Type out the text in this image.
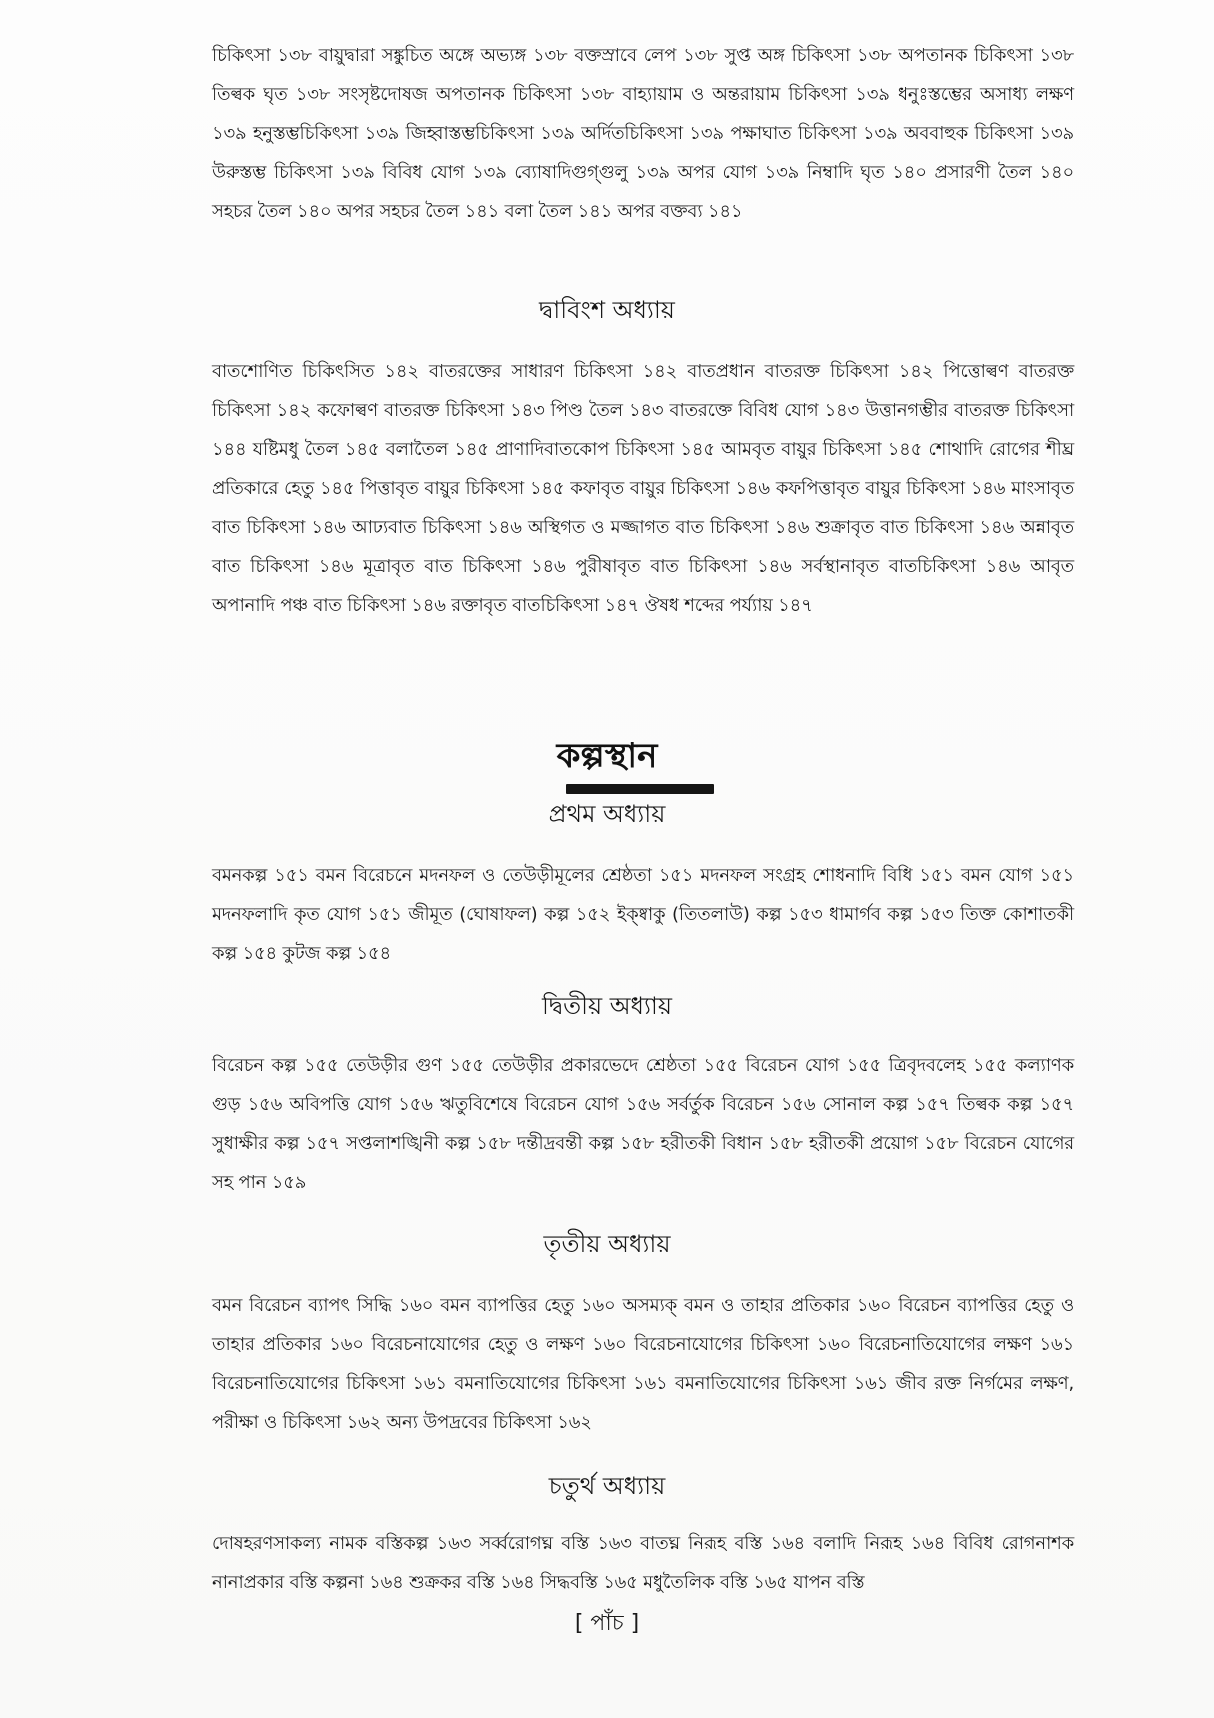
চিকিৎসা ১৩৮ বায়ুদ্বারা সঙ্কুচিত অঙ্গে অভ্যঙ্গ ১৩৮ বক্তস্রাবে লেপ ১৩৮ সুপ্ত অঙ্গ চিকিৎসা ১৩৮ অপতানক চিকিৎসা ১৩৮ তিল্বক ঘৃত ১৩৮ সংসৃষ্টদোষজ অপতানক চিকিৎসা ১৩৮ বাহ্যায়াম ও অন্তরায়াম চিকিৎসা ১৩৯ ধনুঃস্তম্ভের অসাধ্য লক্ষণ ১৩৯ হনুস্তম্ভচিকিৎসা ১৩৯ জিহ্বাস্তম্ভচিকিৎসা ১৩৯ অর্দিতচিকিৎসা ১৩৯ পক্ষাঘাত চিকিৎসা ১৩৯ অববাহুক চিকিৎসা ১৩৯ উরুস্তম্ভ চিকিৎসা ১৩৯ বিবিধ যোগ ১৩৯ ব্যোষাদিগুগ্গুলু ১৩৯ অপর যোগ ১৩৯ নিম্বাদি ঘৃত ১৪০ প্রসারণী তৈল ১৪০ সহচর তৈল ১৪০ অপর সহচর তৈল ১৪১ বলা তৈল ১৪১ অপর বক্তব্য ১৪১

দ্বাবিংশ অধ্যায়

বাতশোণিত চিকিৎসিত ১৪২ বাতরক্তের সাধারণ চিকিৎসা ১৪২ বাতপ্রধান বাতরক্ত চিকিৎসা ১৪২ পিত্তোল্বণ বাতরক্ত চিকিৎসা ১৪২ কফোল্বণ বাতরক্ত চিকিৎসা ১৪৩ পিণ্ড তৈল ১৪৩ বাতরক্তে বিবিধ যোগ ১৪৩ উত্তানগম্ভীর বাতরক্ত চিকিৎসা ১৪৪ যষ্টিমধু তৈল ১৪৫ বলাতৈল ১৪৫ প্রাণাদিবাতকোপ চিকিৎসা ১৪৫ আমবৃত বায়ুর চিকিৎসা ১৪৫ শোথাদি রোগের শীঘ্র প্রতিকারে হেতু ১৪৫ পিত্তাবৃত বায়ুর চিকিৎসা ১৪৫ কফাবৃত বায়ুর চিকিৎসা ১৪৬ কফপিত্তাবৃত বায়ুর চিকিৎসা ১৪৬ মাংসাবৃত বাত চিকিৎসা ১৪৬ আঢ্যবাত চিকিৎসা ১৪৬ অস্থিগত ও মজ্জাগত বাত চিকিৎসা ১৪৬ শুক্রাবৃত বাত চিকিৎসা ১৪৬ অন্নাবৃত বাত চিকিৎসা ১৪৬ মূত্রাবৃত বাত চিকিৎসা ১৪৬ পুরীষাবৃত বাত চিকিৎসা ১৪৬ সর্বস্থানাবৃত বাতচিকিৎসা ১৪৬ আবৃত অপানাদি পঞ্চ বাত চিকিৎসা ১৪৬ রক্তাবৃত বাতচিকিৎসা ১৪৭ ঔষধ শব্দের পর্য্যায় ১৪৭

কল্পস্থান
প্রথম অধ্যায়

বমনকল্প ১৫১ বমন বিরেচনে মদনফল ও তেউড়ীমূলের শ্রেষ্ঠতা ১৫১ মদনফল সংগ্রহ শোধনাদি বিধি ১৫১ বমন যোগ ১৫১ মদনফলাদি কৃত যোগ ১৫১ জীমূত (ঘোষাফল) কল্প ১৫২ ইক্ষ্বাকু (তিতলাউ) কল্প ১৫৩ ধামার্গব কল্প ১৫৩ তিক্ত কোশাতকী কল্প ১৫৪ কুটজ কল্প ১৫৪

দ্বিতীয় অধ্যায়

বিরেচন কল্প ১৫৫ তেউড়ীর গুণ ১৫৫ তেউড়ীর প্রকারভেদে শ্রেষ্ঠতা ১৫৫ বিরেচন যোগ ১৫৫ ত্রিবৃদবলেহ ১৫৫ কল্যাণক গুড় ১৫৬ অবিপত্তি যোগ ১৫৬ ঋতুবিশেষে বিরেচন যোগ ১৫৬ সর্বর্তুক বিরেচন ১৫৬ সোনাল কল্প ১৫৭ তিল্বক কল্প ১৫৭ সুধাক্ষীর কল্প ১৫৭ সপ্তলাশঙ্খিনী কল্প ১৫৮ দন্তীদ্রবন্তী কল্প ১৫৮ হরীতকী বিধান ১৫৮ হরীতকী প্রয়োগ ১৫৮ বিরেচন যোগের সহ পান ১৫৯

তৃতীয় অধ্যায়

বমন বিরেচন ব্যাপৎ সিদ্ধি ১৬০ বমন ব্যাপত্তির হেতু ১৬০ অসম্যক্ বমন ও তাহার প্রতিকার ১৬০ বিরেচন ব্যাপত্তির হেতু ও তাহার প্রতিকার ১৬০ বিরেচনাযোগের হেতু ও লক্ষণ ১৬০ বিরেচনাযোগের চিকিৎসা ১৬০ বিরেচনাতিযোগের লক্ষণ ১৬১ বিরেচনাতিযোগের চিকিৎসা ১৬১ বমনাতিযোগের চিকিৎসা ১৬১ বমনাতিযোগের চিকিৎসা ১৬১ জীব রক্ত নির্গমের লক্ষণ, পরীক্ষা ও চিকিৎসা ১৬২ অন্য উপদ্রবের চিকিৎসা ১৬২

চতুর্থ অধ্যায়

দোষহরণসাকল্য নামক বস্তিকল্প ১৬৩ সর্ব্বরোগঘ্ন বস্তি ১৬৩ বাতঘ্ন নিরূহ বস্তি ১৬৪ বলাদি নিরূহ ১৬৪ বিবিধ রোগনাশক নানাপ্রকার বস্তি কল্পনা ১৬৪ শুক্রকর বস্তি ১৬৪ সিদ্ধবস্তি ১৬৫ মধুতৈলিক বস্তি ১৬৫ যাপন বস্তি

[ পাঁচ ]
